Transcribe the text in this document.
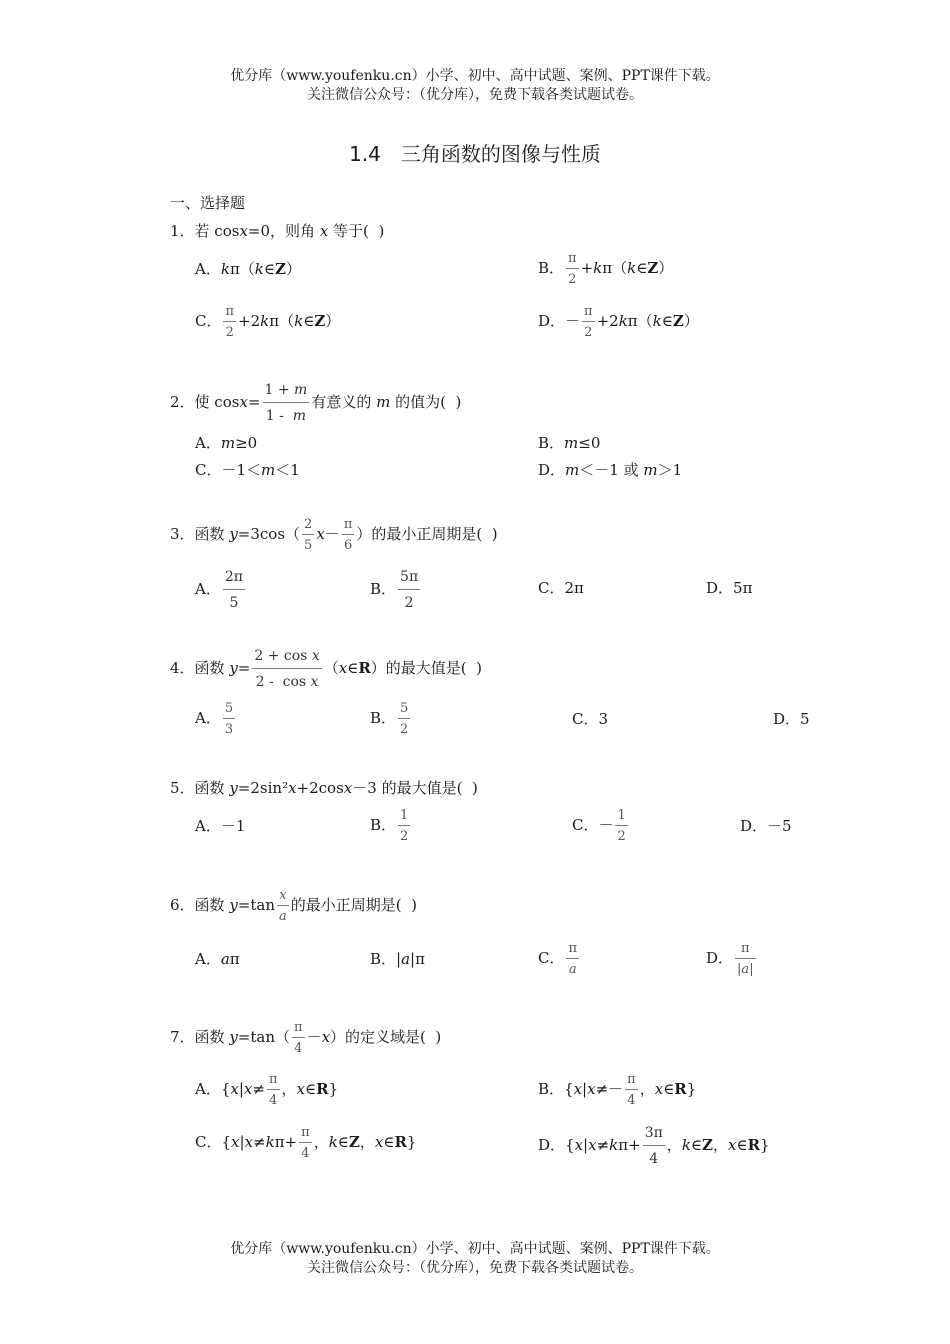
优分库（www.youfenku.cn）小学、初中、高中试题、案例、PPT课件下载。
关注微信公众号：（优分库），免费下载各类试题试卷。
1.4　三角函数的图像与性质
一、选择题
1．若 cosx=0，则角 x 等于(  )
A．kπ（k∈Z）	B． $\frac{\pi}{2}$ +kπ（k∈Z）
C． $\frac{\pi}{2}$ +2kπ（k∈Z）	D．－ $\frac{\pi}{2}$ +2kπ（k∈Z）
2．使 $\cos x= \frac{1 + m}{1 - m}$ 有意义的 m 的值为(  )
A．m≥0	B．m≤0
C．－1＜m＜1	D．m＜－1 或 m＞1
3．函数 $y=3\cos( \frac{2}{5} x- \frac{\pi}{6}$ ）的最小正周期是(  )
A． $\frac{2\pi}{5}$	B． $\frac{5\pi}{2}$	C．2π	D．5π
4．函数 $y= \frac{\text{2 + cos x}}{\text{2 -  cos x}}$ （x∈R）的最大值是(  )
A． $\frac{5}{3}$	B． $\frac{5}{2}$	C．3	D．5
5．函数 y=2sin²x+2cosx－3 的最大值是(  )
A．－1	B． $\frac{1}{2}$	C．－ $\frac{1}{2}$	D．－5
6．函数 $y=\tan \frac{x}{a}$ 的最小正周期是(  )
A．aπ	B．|a|π	C． $\frac{\pi}{a}$	D． $\frac{\pi}{|a|}$
7．函数 $y=\tan( \frac{\pi}{4} -x)$的定义域是(  )
A．{$x|x\ne \frac{\pi}{4}$ ，x∈R}	B．{$x|x\ne- \frac{\pi}{4}$ ，x∈R}
C．{$x|x\ne k\pi+ \frac{\pi}{4}$ ，k∈Z，x∈R}	D．{$x|x\ne k\pi+ \frac{3\pi}{4}$ ，k∈Z，x∈R}
优分库（www.youfenku.cn）小学、初中、高中试题、案例、PPT课件下载。
关注微信公众号：（优分库），免费下载各类试题试卷。
